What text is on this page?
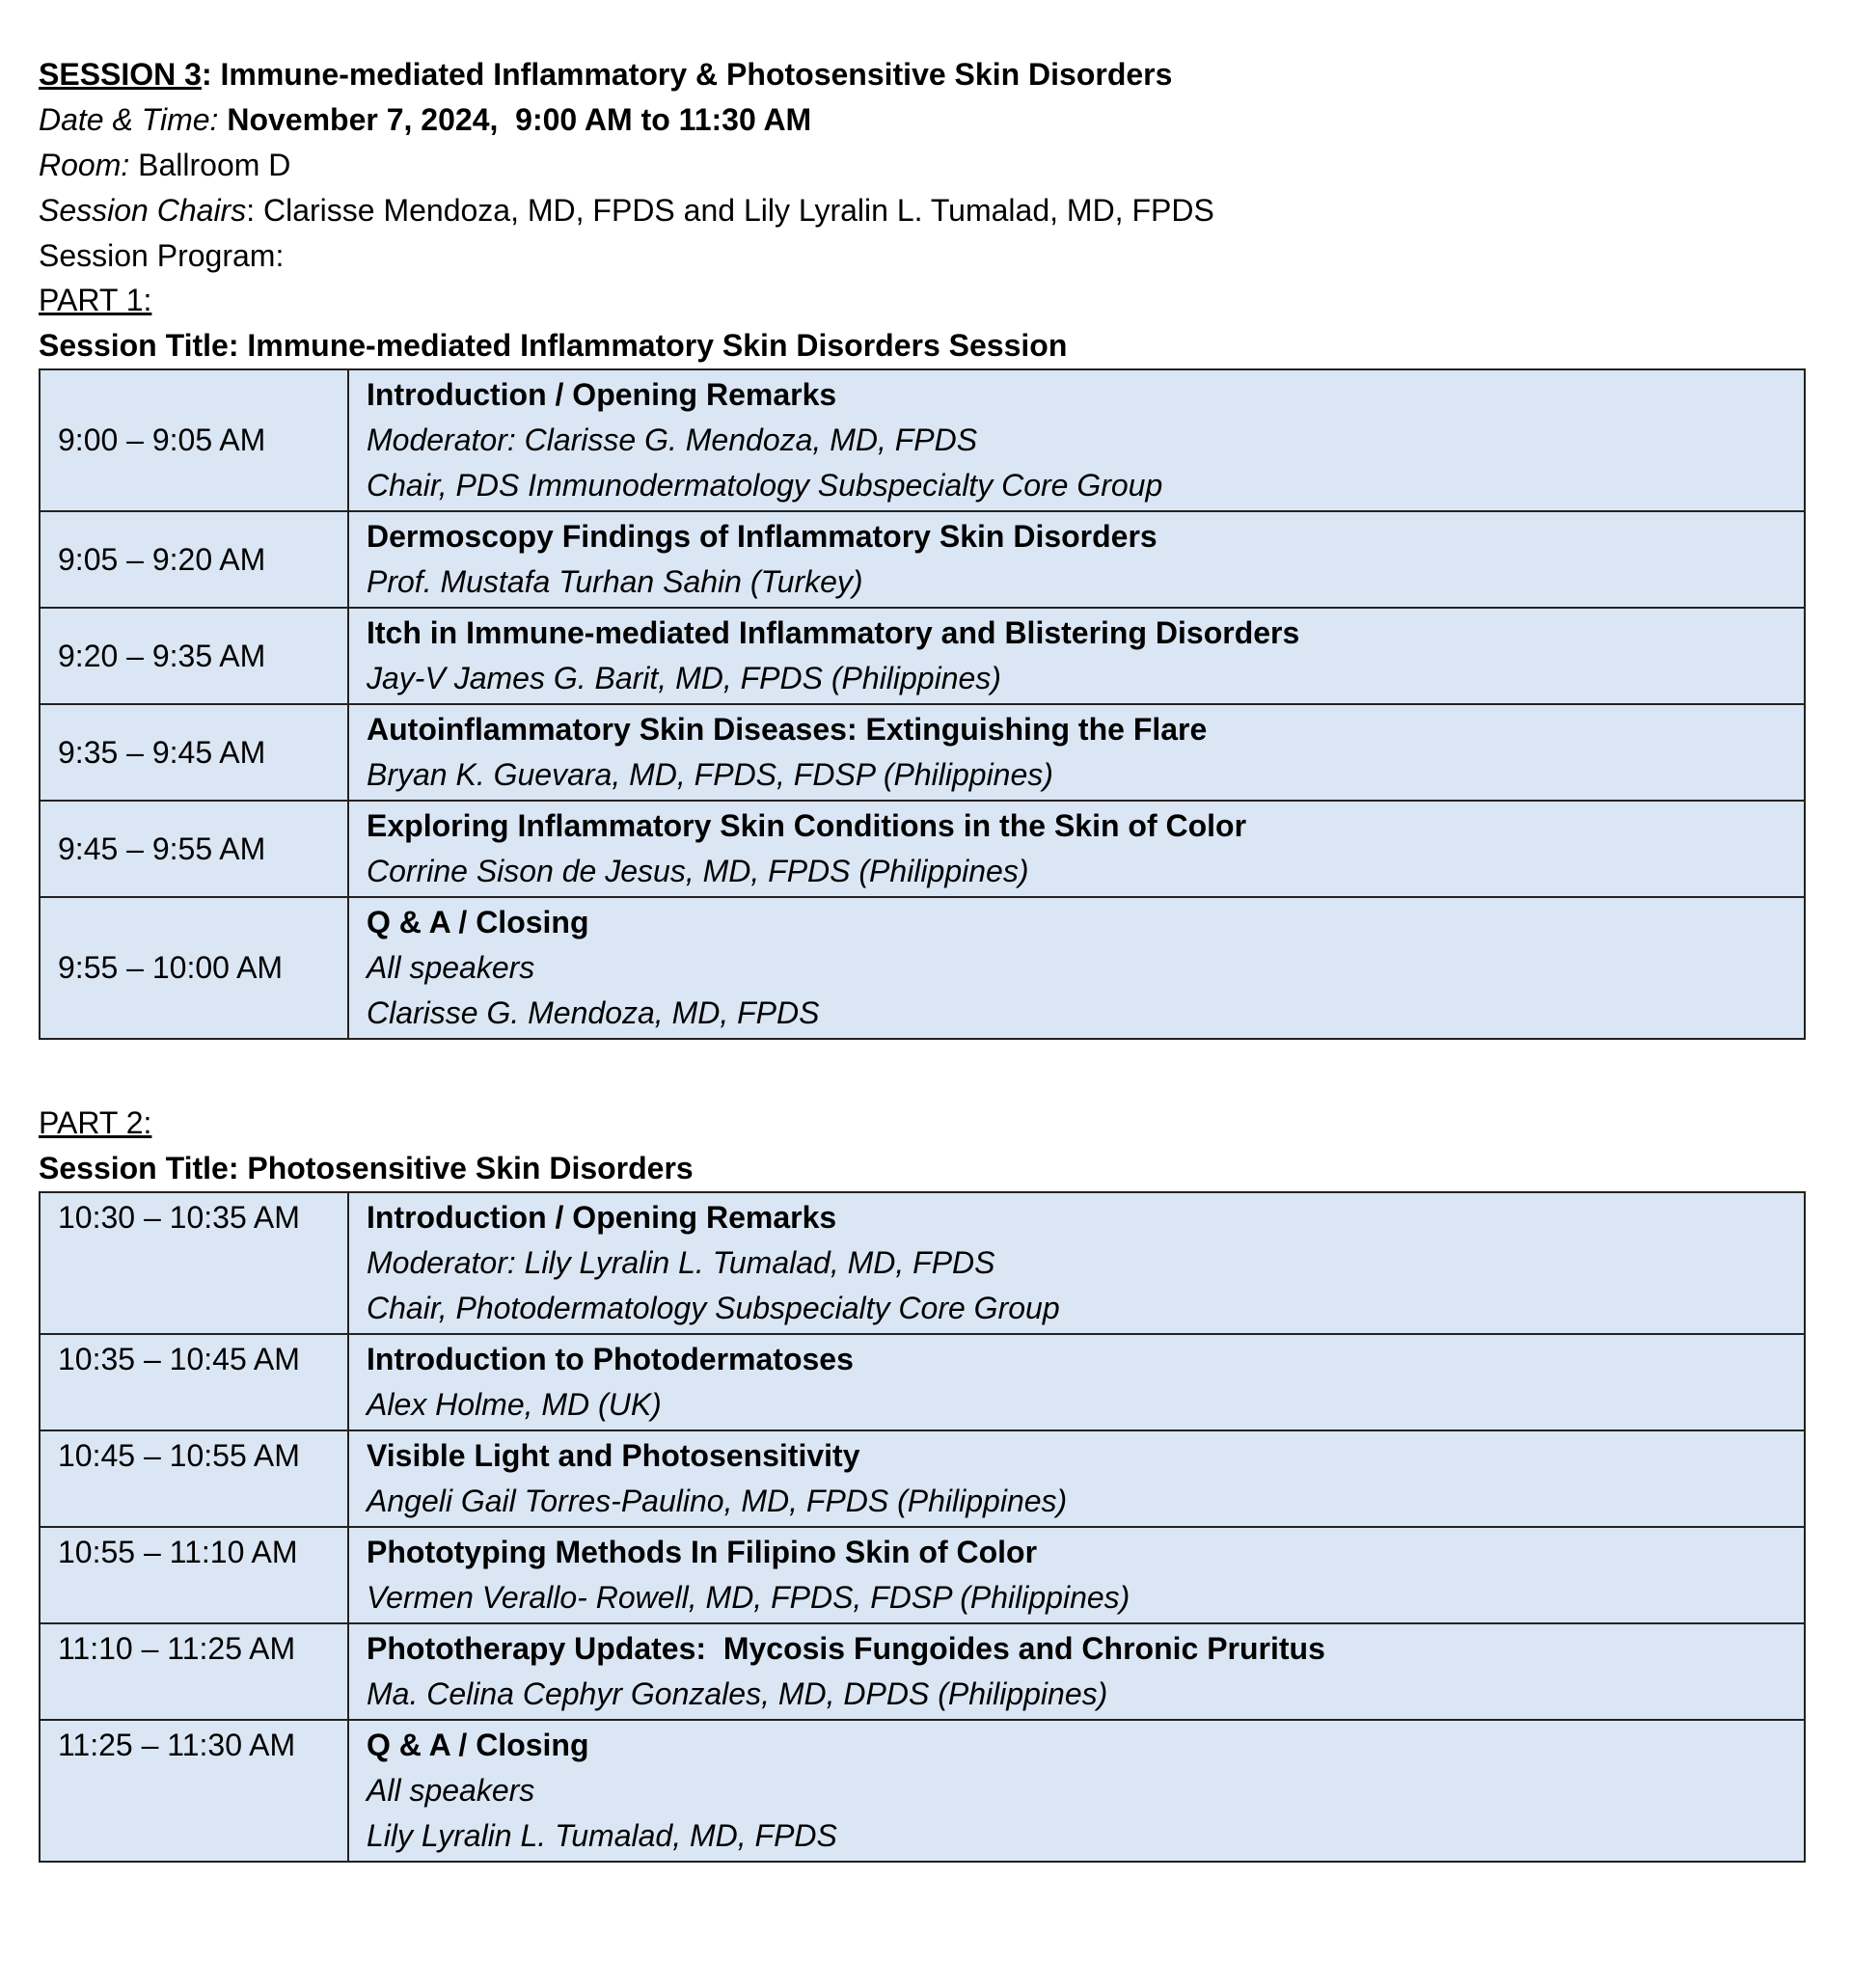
SESSION 3: Immune-mediated Inflammatory & Photosensitive Skin Disorders
Date & Time: November 7, 2024,  9:00 AM to 11:30 AM
Room: Ballroom D
Session Chairs: Clarisse Mendoza, MD, FPDS and Lily Lyralin L. Tumalad, MD, FPDS
Session Program:
PART 1:
Session Title: Immune-mediated Inflammatory Skin Disorders Session
9:00 – 9:05 AM	Introduction / Opening Remarks
Moderator: Clarisse G. Mendoza, MD, FPDS
Chair, PDS Immunodermatology Subspecialty Core Group

9:05 – 9:20 AM	Dermoscopy Findings of Inflammatory Skin Disorders
Prof. Mustafa Turhan Sahin (Turkey)

9:20 – 9:35 AM	Itch in Immune-mediated Inflammatory and Blistering Disorders
Jay-V James G. Barit, MD, FPDS (Philippines)

9:35 – 9:45 AM	Autoinflammatory Skin Diseases: Extinguishing the Flare
Bryan K. Guevara, MD, FPDS, FDSP (Philippines)

9:45 – 9:55 AM	Exploring Inflammatory Skin Conditions in the Skin of Color
Corrine Sison de Jesus, MD, FPDS (Philippines)

9:55 – 10:00 AM	Q & A / Closing
All speakers
Clarisse G. Mendoza, MD, FPDS
PART 2:
Session Title: Photosensitive Skin Disorders
10:30 – 10:35 AM	Introduction / Opening Remarks
Moderator: Lily Lyralin L. Tumalad, MD, FPDS
Chair, Photodermatology Subspecialty Core Group

10:35 – 10:45 AM	Introduction to Photodermatoses
Alex Holme, MD (UK)

10:45 – 10:55 AM	Visible Light and Photosensitivity
Angeli Gail Torres-Paulino, MD, FPDS (Philippines)

10:55 – 11:10 AM	Phototyping Methods In Filipino Skin of Color
Vermen Verallo- Rowell, MD, FPDS, FDSP (Philippines)

11:10 – 11:25 AM	Phototherapy Updates:  Mycosis Fungoides and Chronic Pruritus
Ma. Celina Cephyr Gonzales, MD, DPDS (Philippines)

11:25 – 11:30 AM	Q & A / Closing
All speakers
Lily Lyralin L. Tumalad, MD, FPDS
